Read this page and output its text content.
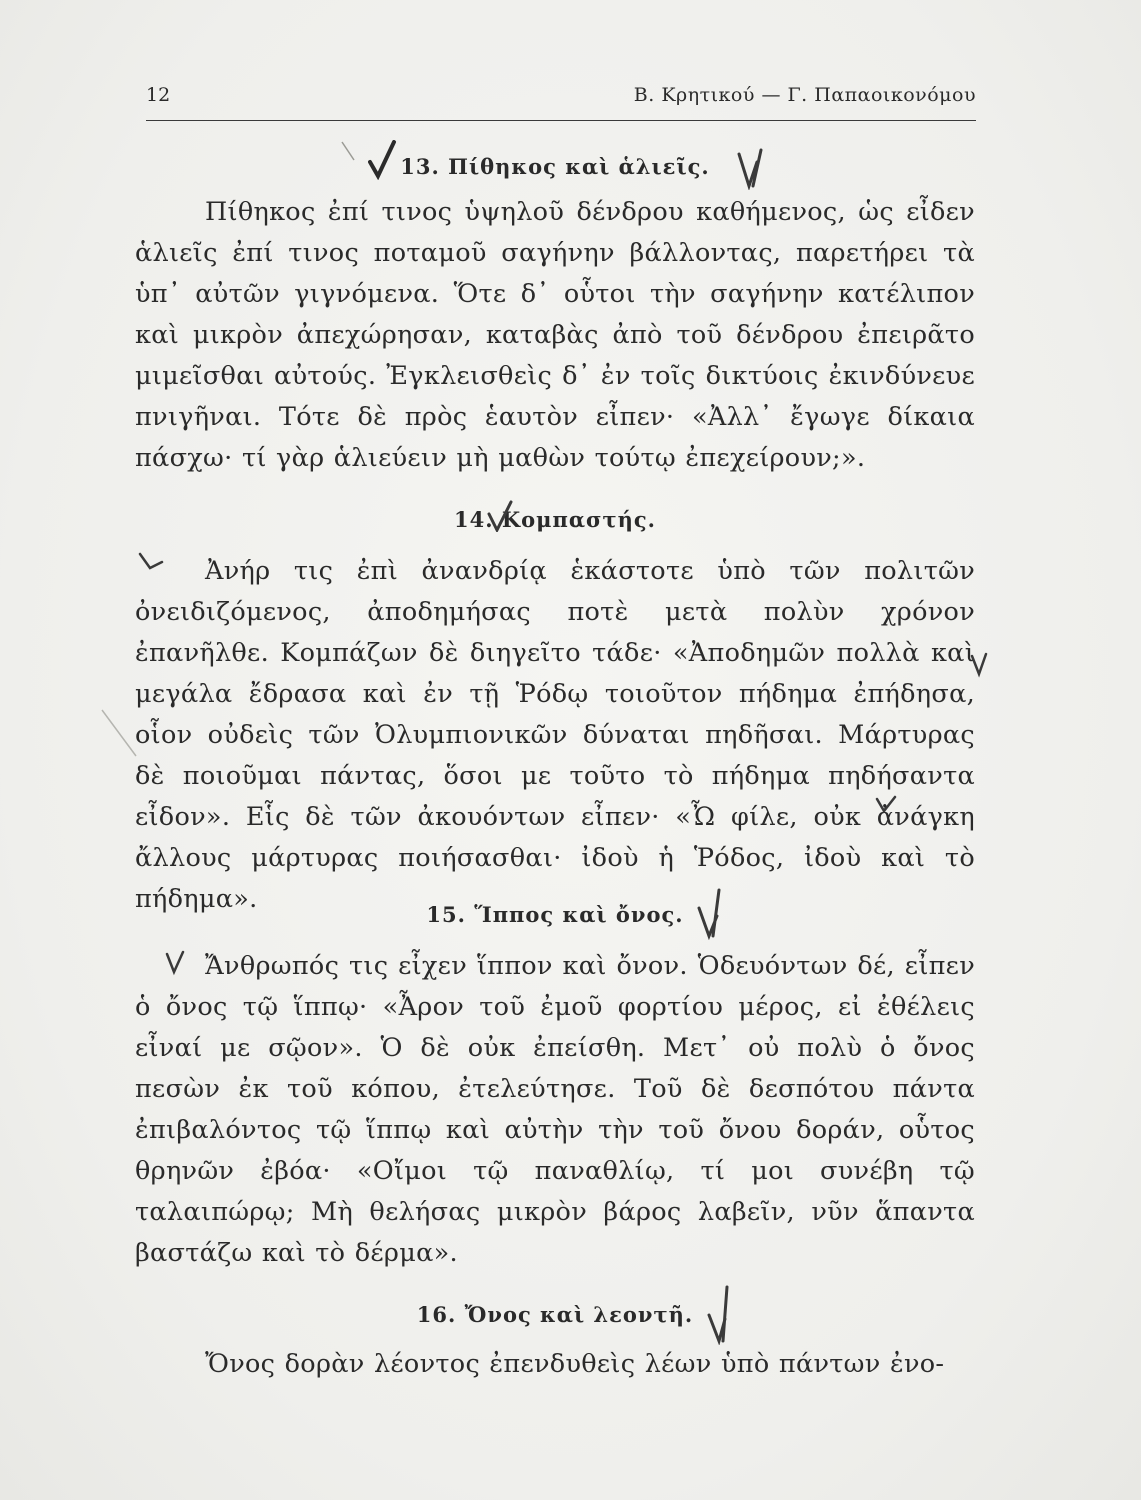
12	Β. Κρητικού — Γ. Παπαοικονόμου
13. Πίθηκος καὶ ἁλιεῖς.
Πίθηκος ἐπί τινος ὑψηλοῦ δένδρου καθήμενος, ὡς εἶδεν ἁλιεῖς ἐπί τινος ποταμοῦ σαγήνην βάλλοντας, παρετήρει τὰ ὑπ᾽ αὐτῶν γιγνόμενα. Ὅτε δ᾽ οὗτοι τὴν σαγήνην κατέλιπον καὶ μικρὸν ἀπεχώρησαν, καταβὰς ἀπὸ τοῦ δένδρου ἐπειρᾶτο μιμεῖσθαι αὐτούς. Ἐγκλεισθεὶς δ᾽ ἐν τοῖς δικτύοις ἐκινδύνευε πνιγῆναι. Τότε δὲ πρὸς ἑαυτὸν εἶπεν· «Ἀλλ᾽ ἔγωγε δίκαια πάσχω· τί γὰρ ἁλιεύειν μὴ μαθὼν τούτῳ ἐπεχείρουν;».
14. Κομπαστής.
Ἀνήρ τις ἐπὶ ἀνανδρίᾳ ἑκάστοτε ὑπὸ τῶν πολιτῶν ὀνειδιζόμενος, ἀποδημήσας ποτὲ μετὰ πολὺν χρόνον ἐπανῆλθε. Κομπάζων δὲ διηγεῖτο τάδε· «Ἀποδημῶν πολλὰ καὶ μεγάλα ἔδρασα καὶ ἐν τῇ Ῥόδῳ τοιοῦτον πήδημα ἐπήδησα, οἷον οὐδεὶς τῶν Ὀλυμπιονικῶν δύναται πηδῆσαι. Μάρτυρας δὲ ποιοῦμαι πάντας, ὅσοι με τοῦτο τὸ πήδημα πηδήσαντα εἶδον». Εἷς δὲ τῶν ἀκουόντων εἶπεν· «Ὦ φίλε, οὐκ ἀνάγκη ἄλλους μάρτυρας ποιήσασθαι· ἰδοὺ ἡ Ῥόδος, ἰδοὺ καὶ τὸ πήδημα».
15. Ἵππος καὶ ὄνος.
Ἄνθρωπός τις εἶχεν ἵππον καὶ ὄνον. Ὁδευόντων δέ, εἶπεν ὁ ὄνος τῷ ἵππῳ· «Ἆρον τοῦ ἐμοῦ φορτίου μέρος, εἰ ἐθέλεις εἶναί με σῷον». Ὁ δὲ οὐκ ἐπείσθη. Μετ᾽ οὐ πολὺ ὁ ὄνος πεσὼν ἐκ τοῦ κόπου, ἐτελεύτησε. Τοῦ δὲ δεσπότου πάντα ἐπιβαλόντος τῷ ἵππῳ καὶ αὐτὴν τὴν τοῦ ὄνου δοράν, οὗτος θρηνῶν ἐβόα· «Οἴμοι τῷ παναθλίῳ, τί μοι συνέβη τῷ ταλαιπώρῳ; Μὴ θελήσας μικρὸν βάρος λαβεῖν, νῦν ἅπαντα βαστάζω καὶ τὸ δέρμα».
16. Ὄνος καὶ λεοντῆ.
Ὄνος δορὰν λέοντος ἐπενδυθεὶς λέων ὑπὸ πάντων ἐνο-
